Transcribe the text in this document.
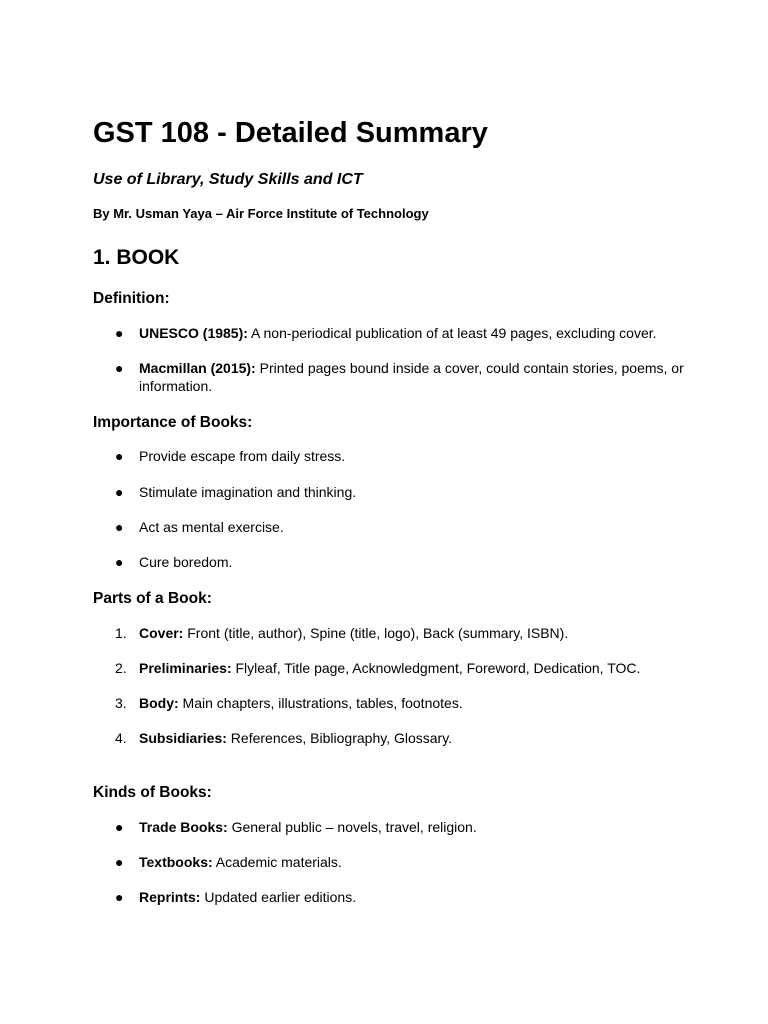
GST 108 - Detailed Summary
Use of Library, Study Skills and ICT
By Mr. Usman Yaya – Air Force Institute of Technology
1. BOOK
Definition:
●	UNESCO (1985): A non-periodical publication of at least 49 pages, excluding cover.
●	Macmillan (2015): Printed pages bound inside a cover, could contain stories, poems, or information.
Importance of Books:
●	Provide escape from daily stress.
●	Stimulate imagination and thinking.
●	Act as mental exercise.
●	Cure boredom.
Parts of a Book:
1. Cover: Front (title, author), Spine (title, logo), Back (summary, ISBN).
2. Preliminaries: Flyleaf, Title page, Acknowledgment, Foreword, Dedication, TOC.
3. Body: Main chapters, illustrations, tables, footnotes.
4. Subsidiaries: References, Bibliography, Glossary.
Kinds of Books:
●	Trade Books: General public – novels, travel, religion.
●	Textbooks: Academic materials.
●	Reprints: Updated earlier editions.
